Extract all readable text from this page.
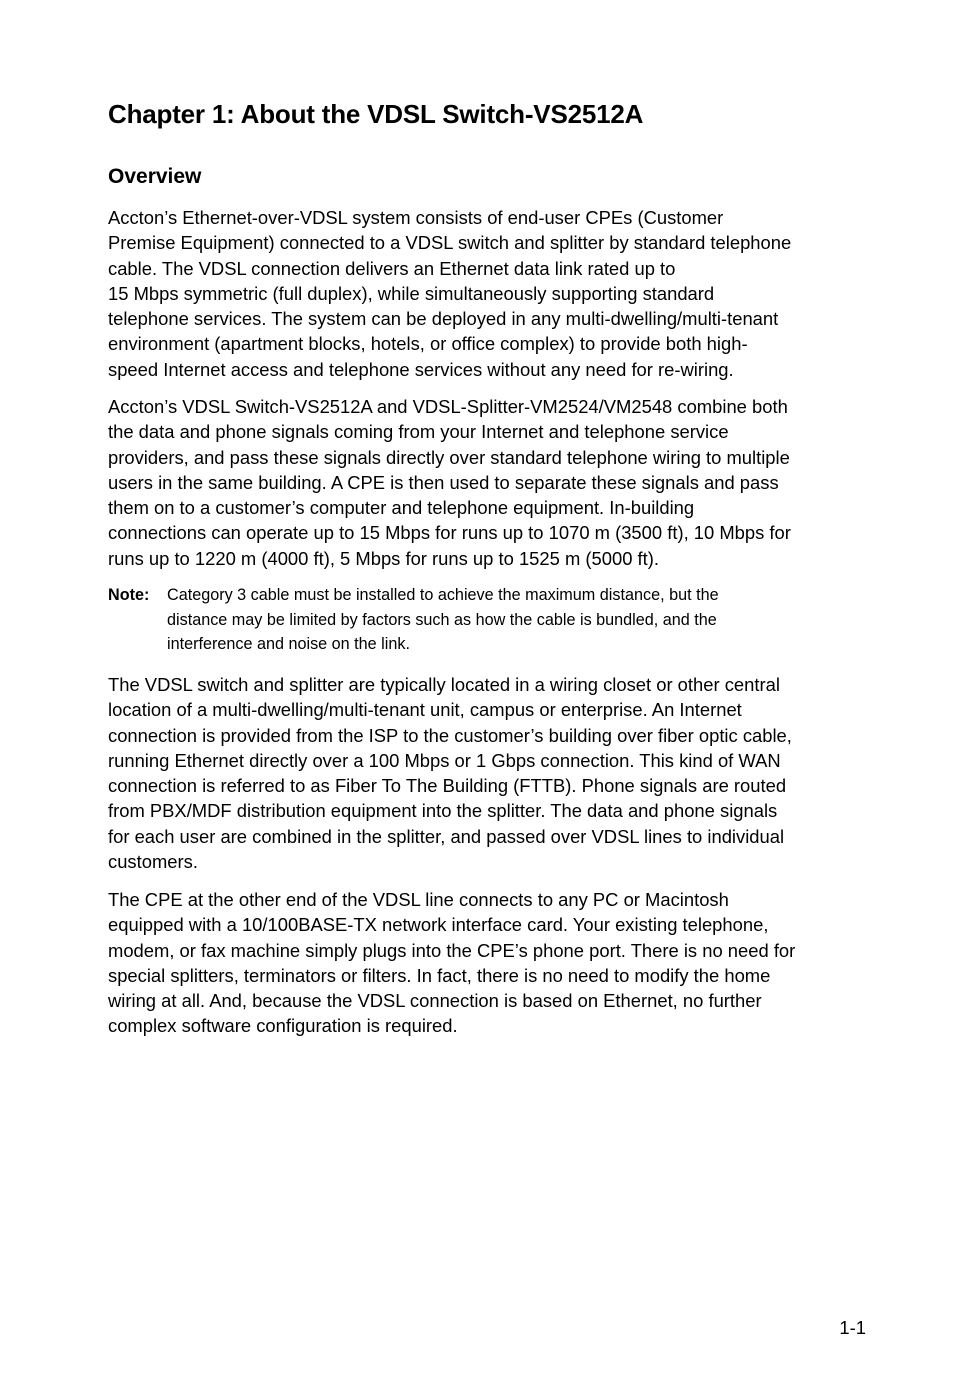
Chapter 1: About the VDSL Switch-VS2512A
Overview

Accton’s Ethernet-over-VDSL system consists of end-user CPEs (Customer
Premise Equipment) connected to a VDSL switch and splitter by standard telephone
cable. The VDSL connection delivers an Ethernet data link rated up to
15 Mbps symmetric (full duplex), while simultaneously supporting standard
telephone services. The system can be deployed in any multi-dwelling/multi-tenant
environment (apartment blocks, hotels, or office complex) to provide both high-
speed Internet access and telephone services without any need for re-wiring.

Accton’s VDSL Switch-VS2512A and VDSL-Splitter-VM2524/VM2548 combine both
the data and phone signals coming from your Internet and telephone service
providers, and pass these signals directly over standard telephone wiring to multiple
users in the same building. A CPE is then used to separate these signals and pass
them on to a customer’s computer and telephone equipment. In-building
connections can operate up to 15 Mbps for runs up to 1070 m (3500 ft), 10 Mbps for
runs up to 1220 m (4000 ft), 5 Mbps for runs up to 1525 m (5000 ft).

Note: Category 3 cable must be installed to achieve the maximum distance, but the
distance may be limited by factors such as how the cable is bundled, and the
interference and noise on the link.

The VDSL switch and splitter are typically located in a wiring closet or other central
location of a multi-dwelling/multi-tenant unit, campus or enterprise. An Internet
connection is provided from the ISP to the customer’s building over fiber optic cable,
running Ethernet directly over a 100 Mbps or 1 Gbps connection. This kind of WAN
connection is referred to as Fiber To The Building (FTTB). Phone signals are routed
from PBX/MDF distribution equipment into the splitter. The data and phone signals
for each user are combined in the splitter, and passed over VDSL lines to individual
customers.

The CPE at the other end of the VDSL line connects to any PC or Macintosh
equipped with a 10/100BASE-TX network interface card. Your existing telephone,
modem, or fax machine simply plugs into the CPE’s phone port. There is no need for
special splitters, terminators or filters. In fact, there is no need to modify the home
wiring at all. And, because the VDSL connection is based on Ethernet, no further
complex software configuration is required.

1-1
